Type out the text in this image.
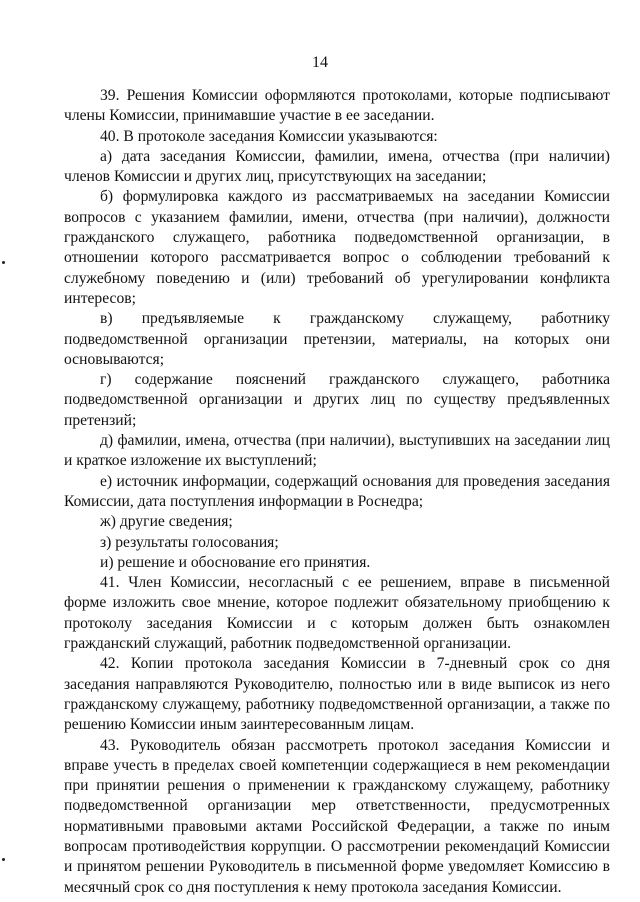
14

39. Решения Комиссии оформляются протоколами, которые подписывают члены Комиссии, принимавшие участие в ее заседании.

40. В протоколе заседания Комиссии указываются:

а) дата заседания Комиссии, фамилии, имена, отчества (при наличии) членов Комиссии и других лиц, присутствующих на заседании;

б) формулировка каждого из рассматриваемых на заседании Комиссии вопросов с указанием фамилии, имени, отчества (при наличии), должности гражданского служащего, работника подведомственной организации, в отношении которого рассматривается вопрос о соблюдении требований к служебному поведению и (или) требований об урегулировании конфликта интересов;

в) предъявляемые к гражданскому служащему, работнику подведомственной организации претензии, материалы, на которых они основываются;

г) содержание пояснений гражданского служащего, работника подведомственной организации и других лиц по существу предъявленных претензий;

д) фамилии, имена, отчества (при наличии), выступивших на заседании лиц и краткое изложение их выступлений;

е) источник информации, содержащий основания для проведения заседания Комиссии, дата поступления информации в Роснедра;

ж) другие сведения;

з) результаты голосования;

и) решение и обоснование его принятия.

41. Член Комиссии, несогласный с ее решением, вправе в письменной форме изложить свое мнение, которое подлежит обязательному приобщению к протоколу заседания Комиссии и с которым должен быть ознакомлен гражданский служащий, работник подведомственной организации.

42. Копии протокола заседания Комиссии в 7-дневный срок со дня заседания направляются Руководителю, полностью или в виде выписок из него гражданскому служащему, работнику подведомственной организации, а также по решению Комиссии иным заинтересованным лицам.

43. Руководитель обязан рассмотреть протокол заседания Комиссии и вправе учесть в пределах своей компетенции содержащиеся в нем рекомендации при принятии решения о применении к гражданскому служащему, работнику подведомственной организации мер ответственности, предусмотренных нормативными правовыми актами Российской Федерации, а также по иным вопросам противодействия коррупции. О рассмотрении рекомендаций Комиссии и принятом решении Руководитель в письменной форме уведомляет Комиссию в месячный срок со дня поступления к нему протокола заседания Комиссии.
